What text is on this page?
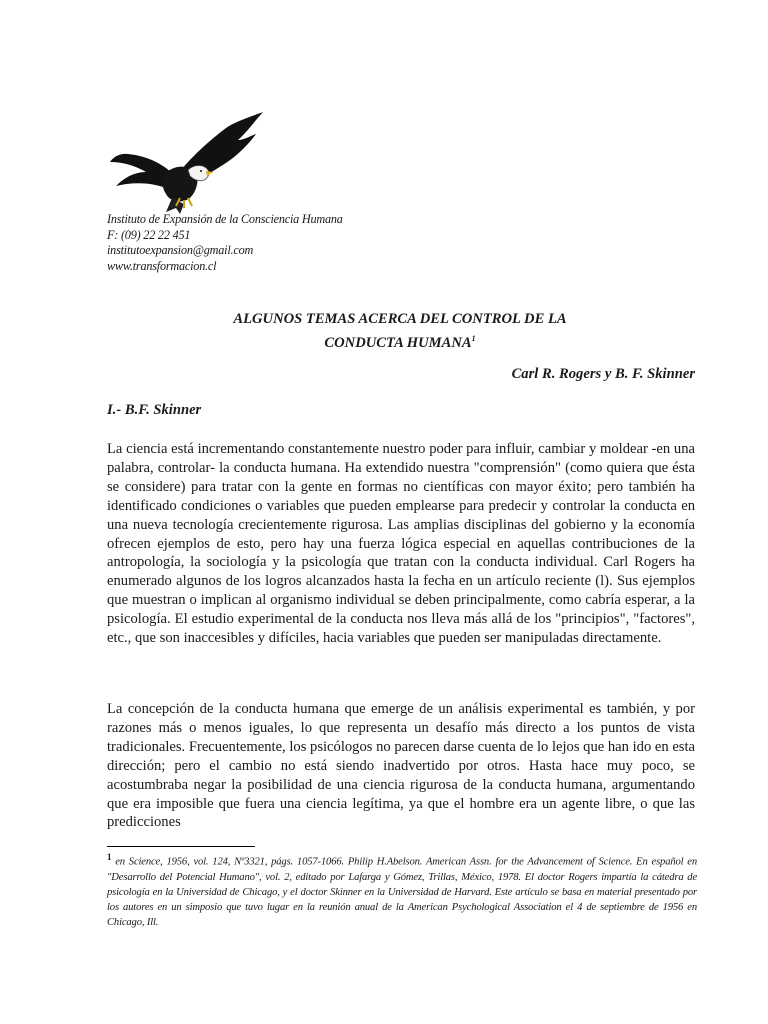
Instituto de Expansión de la Consciencia Humana
F: (09) 22 22 451
institutoexpansion@gmail.com
www.transformacion.cl
ALGUNOS TEMAS ACERCA DEL CONTROL DE LA
CONDUCTA HUMANA$^1$
Carl R. Rogers y B. F. Skinner
I.- B.F. Skinner

La ciencia está incrementando constantemente nuestro poder para influir, cambiar y moldear -en una palabra, controlar- la conducta humana. Ha extendido nuestra "comprensión" (como quiera que ésta se considere) para tratar con la gente en formas no científicas con mayor éxito; pero también ha identificado condiciones o variables que pueden emplearse para predecir y controlar la conducta en una nueva tecnología crecientemente rigurosa. Las amplias disciplinas del gobierno y la economía ofrecen ejemplos de esto, pero hay una fuerza lógica especial en aquellas contribuciones de la antropología, la sociología y la psicología que tratan con la conducta individual. Carl Rogers ha enumerado algunos de los logros alcanzados hasta la fecha en un artículo reciente (l). Sus ejemplos que muestran o implican al organismo individual se deben principalmente, como cabría esperar, a la psicología. El estudio experimental de la conducta nos lleva más allá de los "principios", "factores", etc., que son inaccesibles y difíciles, hacia variables que pueden ser manipuladas directamente.

La concepción de la conducta humana que emerge de un análisis experimental es también, y por razones más o menos iguales, lo que representa un desafío más directo a los puntos de vista tradicionales. Frecuentemente, los psicólogos no parecen darse cuenta de lo lejos que han ido en esta dirección; pero el cambio no está siendo inadvertido por otros. Hasta hace muy poco, se acostumbraba negar la posibilidad de una ciencia rigurosa de la conducta humana, argumentando que era imposible que fuera una ciencia legítima, ya que el hombre era un agente libre, o que las predicciones

$^1$ en Science, 1956, vol. 124, Nº3321, págs. 1057-1066. Philip H.Abelson. American Assn. for the Advancement of Science. En español en "Desarrollo del Potencial Humano", vol. 2, editado por Lafarga y Gómez, Trillas, México, 1978. El doctor Rogers impartía la cátedra de psicología en la Universidad de Chicago, y el doctor Skinner en la Universidad de Harvard. Este artículo se basa en material presentado por los autores en un simposio que tuvo lugar en la reunión anual de la American Psychological Association el 4 de septiembre de 1956 en Chicago, Ill.
